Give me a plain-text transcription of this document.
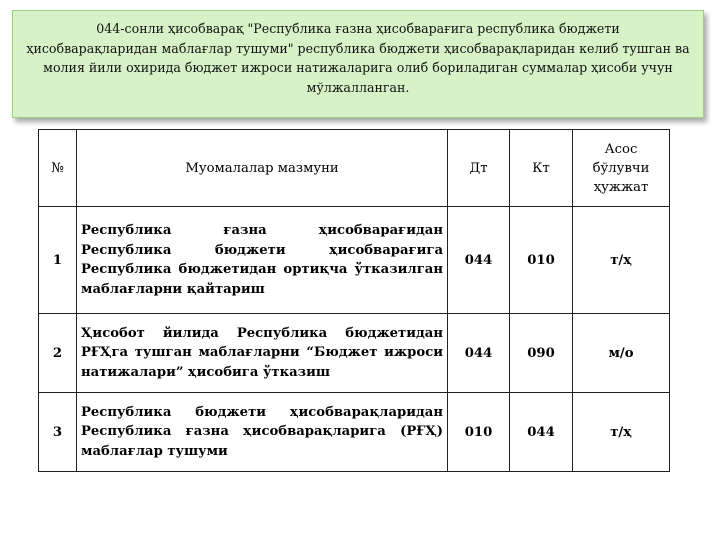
044-сонли ҳисобварақ "Республика ғазна ҳисобварағига республика бюджети
ҳисобварақларидан маблағлар тушуми" республика бюджети ҳисобварақларидан келиб тушган ва
молия йили охирида бюджет ижроси натижаларига олиб бориладиган суммалар ҳисоби учун
мўлжалланган.
№	Муомалалар мазмуни	Дт	Кт	Асос бўлувчи ҳужжат
1	Республика ғазна ҳисобварағидан Республика бюджети ҳисобварағига Республика бюджетидан ортиқча ўтказилган маблағларни қайтариш	044	010	т/ҳ
2	Ҳисобот йилида Республика бюджетидан РҒҲга тушган маблағларни “Бюджет ижроси натижалари” ҳисобига ўтказиш	044	090	м/о
3	Республика бюджети ҳисобварақларидан Республика ғазна ҳисобварақларига (РҒҲ) маблағлар тушуми	010	044	т/ҳ
